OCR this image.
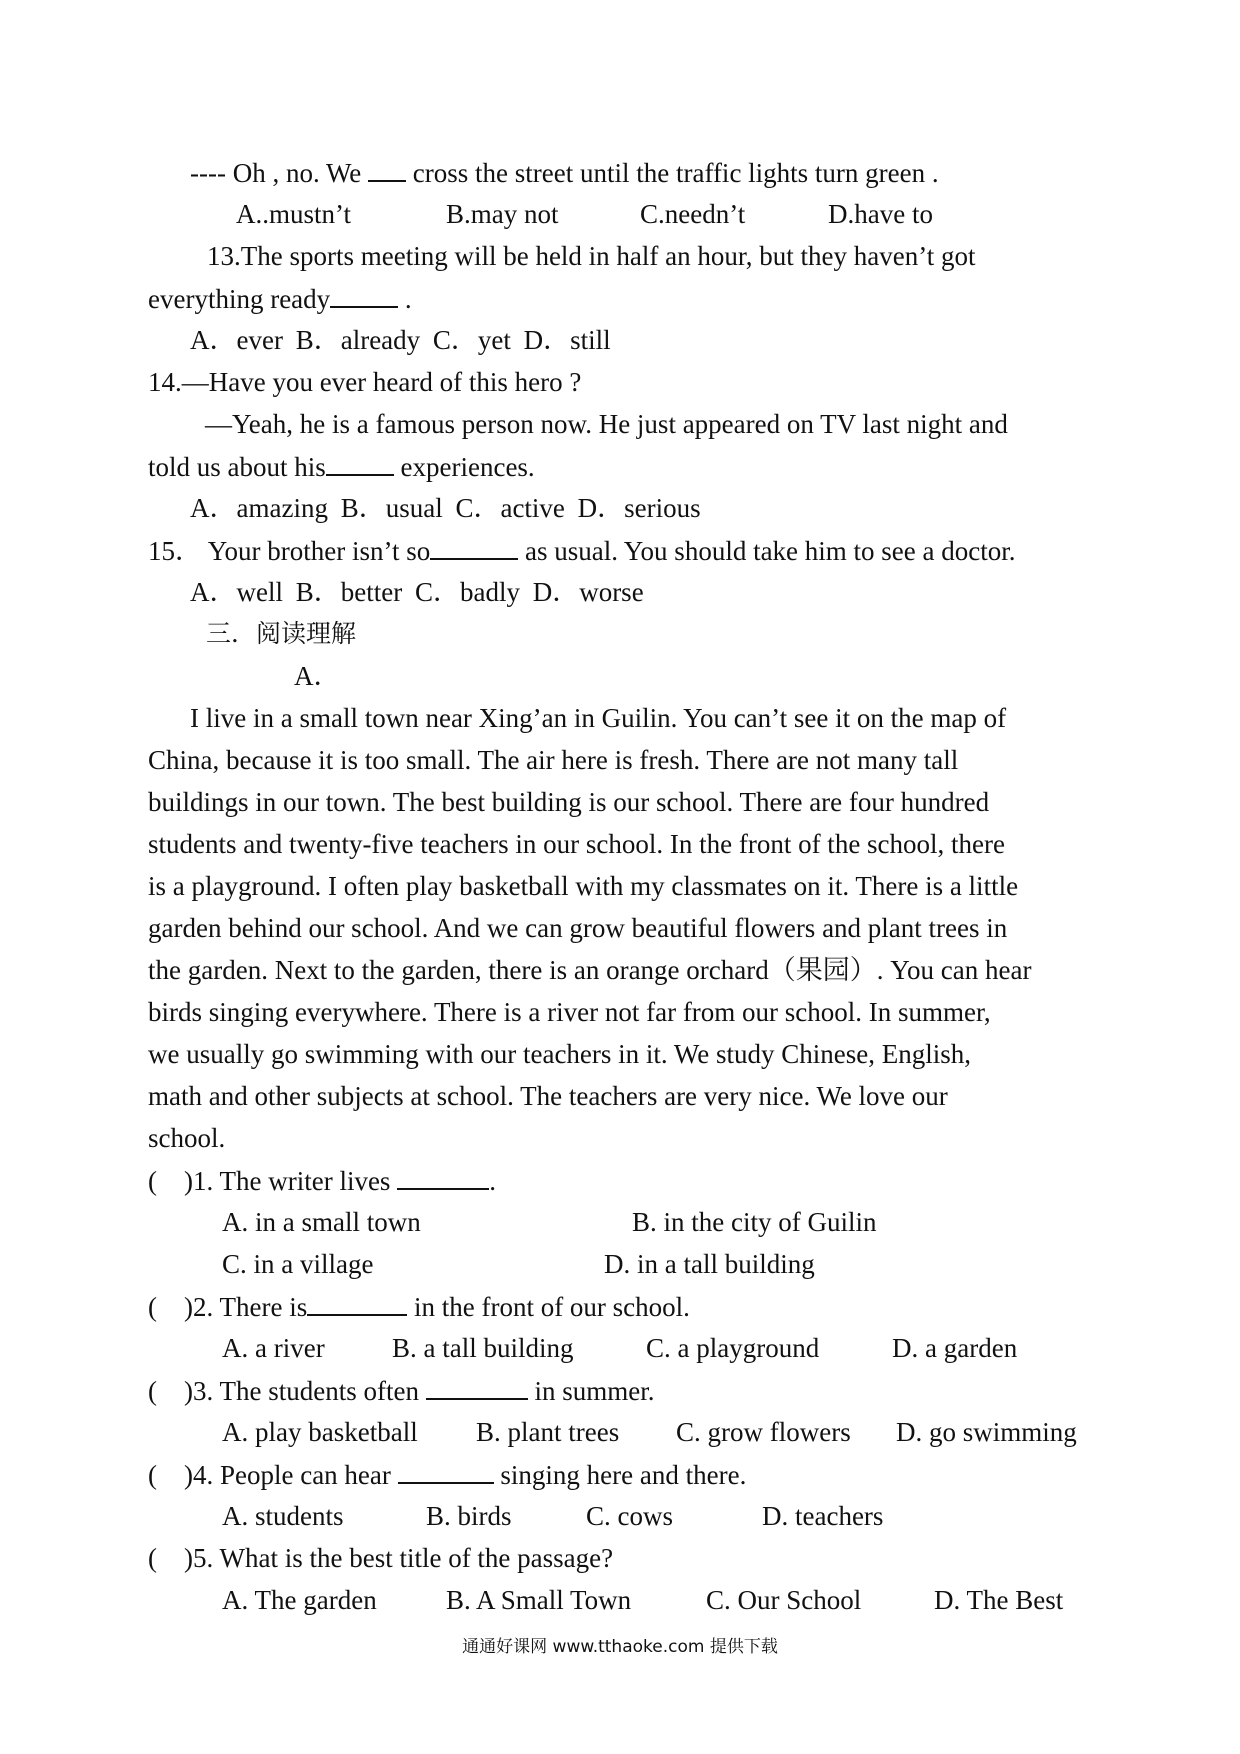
---- Oh , no. We  cross the street until the traffic lights turn green .
A..mustn’t	B.may not	C.needn’t	D.have to
13.The sports meeting will be held in half an hour, but they haven’t got
everything ready	.
A．ever B．already C．yet D．still
14.—Have you ever heard of this hero ?
—Yeah, he is a famous person now. He just appeared on TV last night and
told us about his	experiences.
A．amazing B．usual C．active D．serious
15． Your brother isn’t so	as usual. You should take him to see a doctor.
A．well B．better C．badly D．worse
三．阅读理解
A．
I live in a small town near Xing’an in Guilin. You can’t see it on the map of
China, because it is too small. The air here is fresh. There are not many tall
buildings in our town. The best building is our school. There are four hundred
students and twenty-five teachers in our school. In the front of the school, there
is a playground. I often play basketball with my classmates on it. There is a little
garden behind our school. And we can grow beautiful flowers and plant trees in
the garden. Next to the garden, there is an orange orchard（果园）. You can hear
birds singing everywhere. There is a river not far from our school. In summer,
we usually go swimming with our teachers in it. We study Chinese, English,
math and other subjects at school. The teachers are very nice. We love our
school.
(    )1. The writer lives	.
A. in a small town	B. in the city of Guilin
C. in a village	D. in a tall building
(    )2. There is	in the front of our school.
A. a river B. a tall building	C. a playground	D. a garden
(    )3. The students often	in summer.
A. play basketball B. plant trees C. grow flowers D. go swimming
(    )4. People can hear	singing here and there.
A. students	B. birds	C. cows	D. teachers
(    )5. What is the best title of the passage?
A. The garden	B. A Small Town	C. Our School	D. The Best
通通好课网 www.tthaoke.com 提供下载
